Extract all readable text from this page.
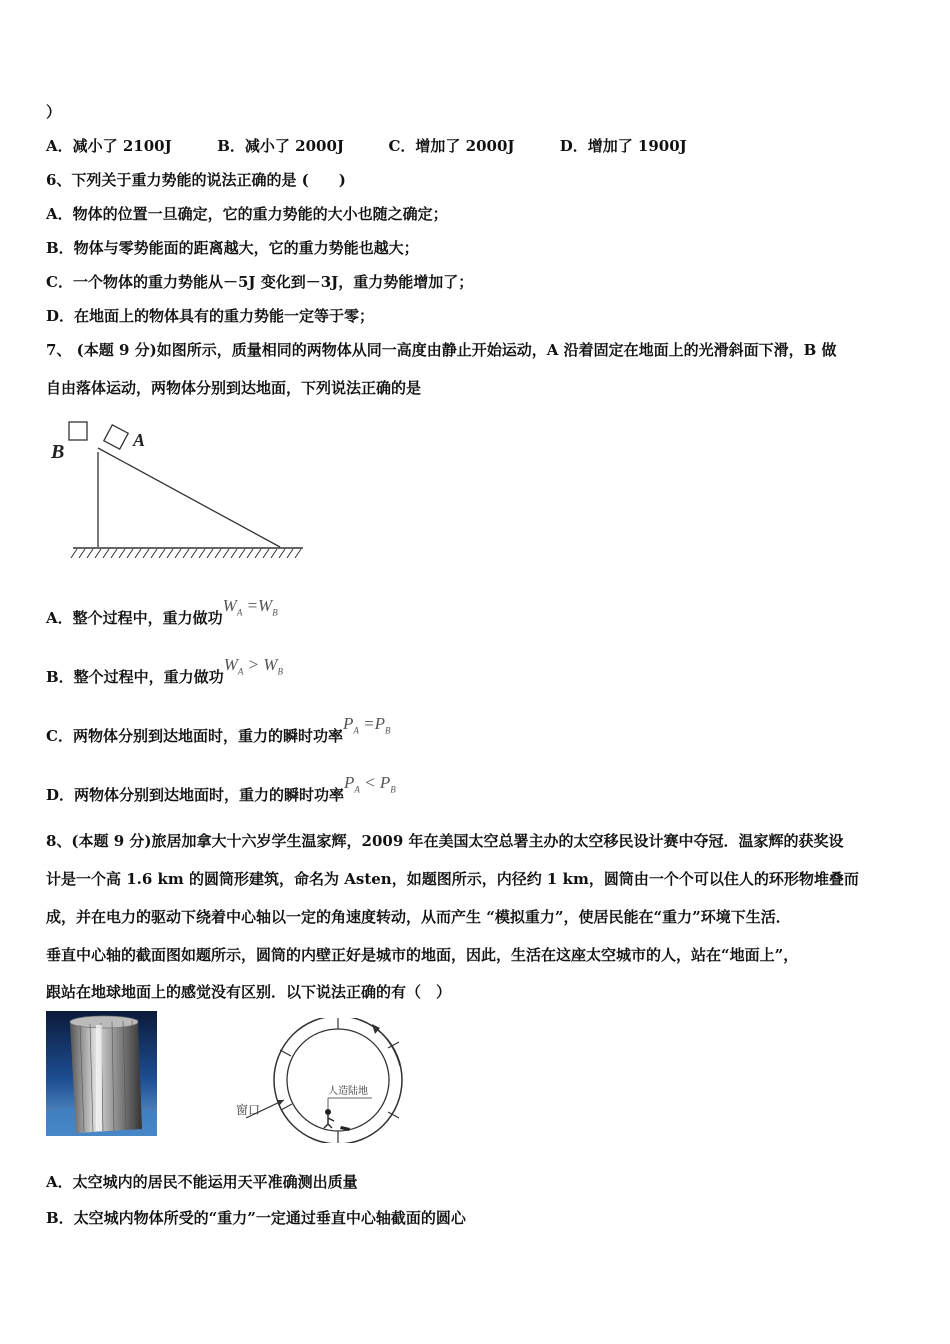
）
A．减小了 2100J	B．减小了 2000J	C．增加了 2000J	D．增加了 1900J
6、下列关于重力势能的说法正确的是 (　　)
A．物体的位置一旦确定，它的重力势能的大小也随之确定；
B．物体与零势能面的距离越大，它的重力势能也越大；
C．一个物体的重力势能从－5J 变化到－3J，重力势能增加了；
D．在地面上的物体具有的重力势能一定等于零；
7、 (本题 9 分)如图所示，质量相同的两物体从同一高度由静止开始运动，A 沿着固定在地面上的光滑斜面下滑，B 做
自由落体运动，两物体分别到达地面，下列说法正确的是
A
B
A．整个过程中，重力做功$W_A =W_B$
B．整个过程中，重力做功$W_A > W_B$
C．两物体分别到达地面时，重力的瞬时功率$P_A =P_B$
D．两物体分别到达地面时，重力的瞬时功率$P_A < P_B$
8、(本题 9 分)旅居加拿大十六岁学生温家辉，2009 年在美国太空总署主办的太空移民设计赛中夺冠．温家辉的获奖设
计是一个高 1.6 km 的圆筒形建筑，命名为 Asten，如题图所示，内径约 1 km，圆筒由一个个可以住人的环形物堆叠而
成，并在电力的驱动下绕着中心轴以一定的角速度转动，从而产生 “模拟重力”，使居民能在“重力”环境下生活．
垂直中心轴的截面图如题所示，圆筒的内壁正好是城市的地面，因此，生活在这座太空城市的人，站在“地面上”，
跟站在地球地面上的感觉没有区别．以下说法正确的有（　）
窗口
人造陆地
A．太空城内的居民不能运用天平准确测出质量
B．太空城内物体所受的“重力”一定通过垂直中心轴截面的圆心
